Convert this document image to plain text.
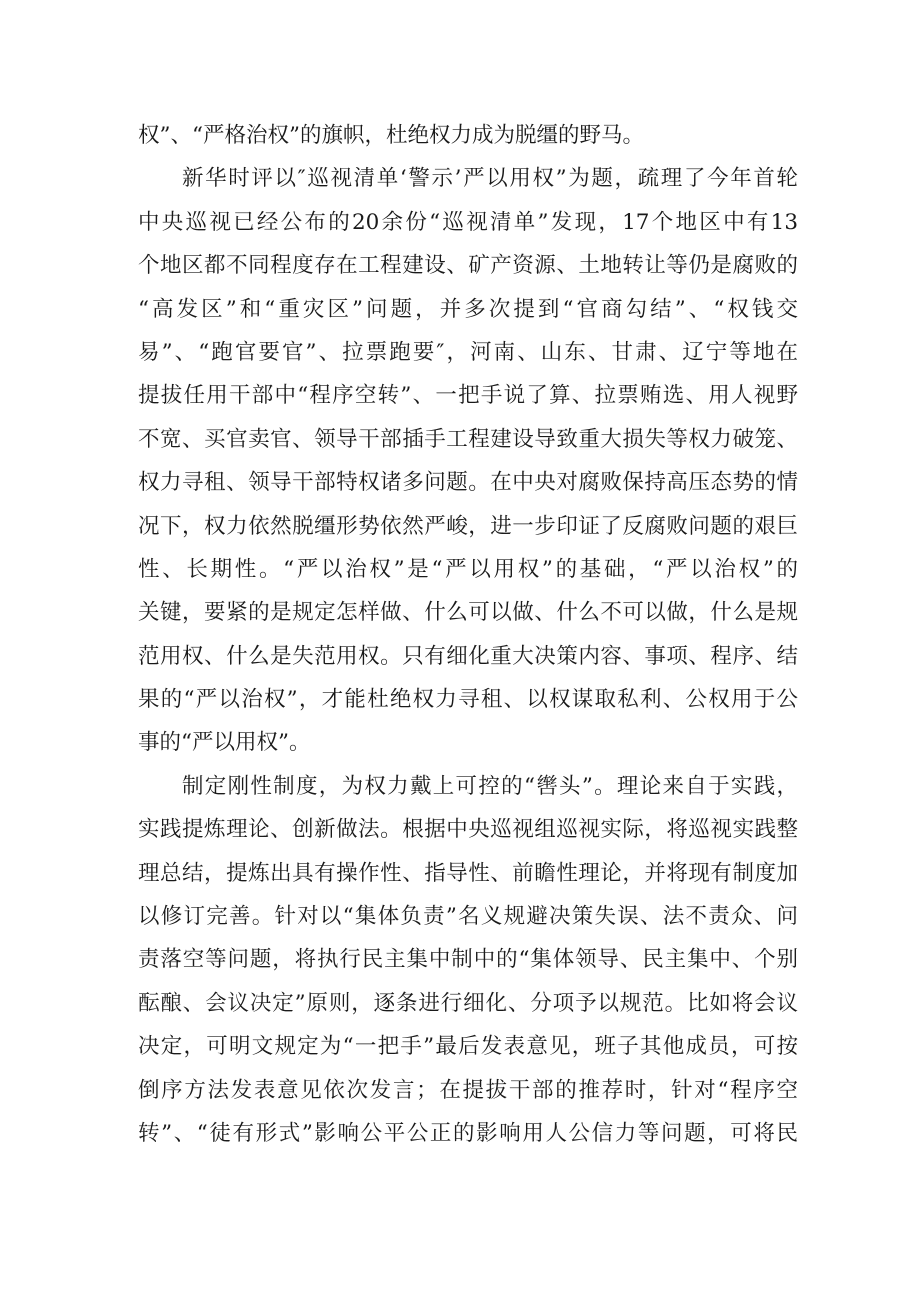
权”、“严格治权”的旗帜，杜绝权力成为脱缰的野马。
新华时评以″巡视清单‘警示’严以用权”为题，疏理了今年首轮
中央巡视已经公布的20余份“巡视清单”发现，17个地区中有13
个地区都不同程度存在工程建设、矿产资源、土地转让等仍是腐败的
“高发区”和“重灾区”问题，并多次提到“官商勾结”、“权钱交
易”、“跑官要官”、拉票跑要″，河南、山东、甘肃、辽宁等地在
提拔任用干部中“程序空转”、一把手说了算、拉票贿选、用人视野
不宽、买官卖官、领导干部插手工程建设导致重大损失等权力破笼、
权力寻租、领导干部特权诸多问题。在中央对腐败保持高压态势的情
况下，权力依然脱缰形势依然严峻，进一步印证了反腐败问题的艰巨
性、长期性。“严以治权”是“严以用权”的基础，“严以治权”的
关键，要紧的是规定怎样做、什么可以做、什么不可以做，什么是规
范用权、什么是失范用权。只有细化重大决策内容、事项、程序、结
果的“严以治权”，才能杜绝权力寻租、以权谋取私利、公权用于公
事的“严以用权”。
制定刚性制度，为权力戴上可控的“辔头”。理论来自于实践，
实践提炼理论、创新做法。根据中央巡视组巡视实际，将巡视实践整
理总结，提炼出具有操作性、指导性、前瞻性理论，并将现有制度加
以修订完善。针对以“集体负责”名义规避决策失误、法不责众、问
责落空等问题，将执行民主集中制中的“集体领导、民主集中、个别
酝酿、会议决定”原则，逐条进行细化、分项予以规范。比如将会议
决定，可明文规定为“一把手”最后发表意见，班子其他成员，可按
倒序方法发表意见依次发言；在提拔干部的推荐时，针对“程序空
转”、“徒有形式”影响公平公正的影响用人公信力等问题，可将民
